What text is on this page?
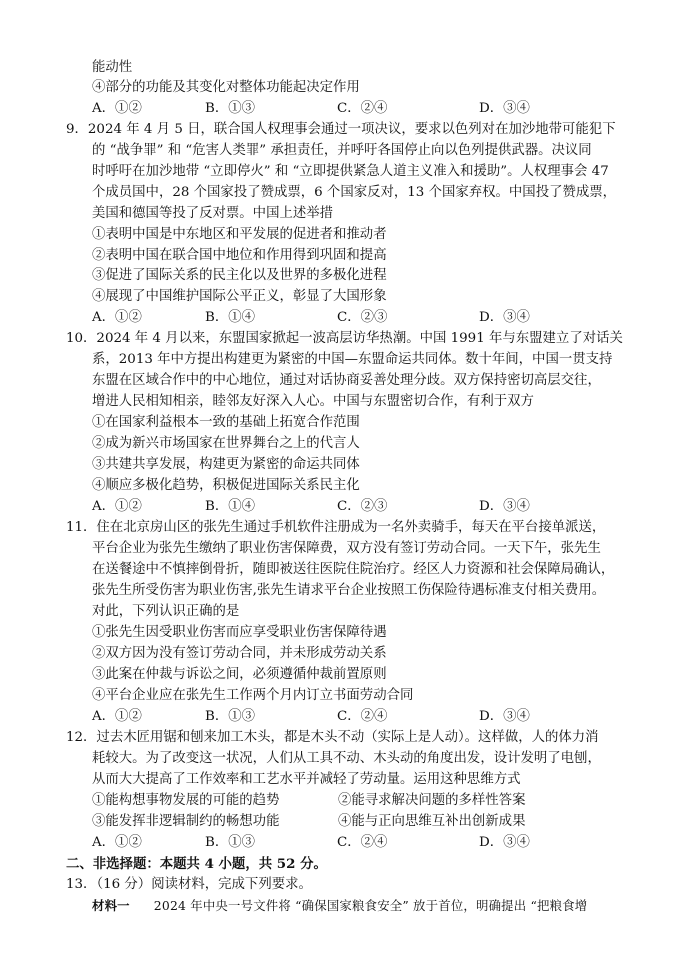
能动性
④部分的功能及其变化对整体功能起决定作用
A．①②	B．①③	C．②④	D．③④
9．2024 年 4 月 5 日，联合国人权理事会通过一项决议，要求以色列对在加沙地带可能犯下
的 “战争罪” 和 “危害人类罪” 承担责任，并呼吁各国停止向以色列提供武器。决议同
时呼吁在加沙地带 “立即停火” 和 “立即提供紧急人道主义准入和援助”。人权理事会 47
个成员国中，28 个国家投了赞成票，6 个国家反对，13 个国家弃权。中国投了赞成票，
美国和德国等投了反对票。中国上述举措
①表明中国是中东地区和平发展的促进者和推动者
②表明中国在联合国中地位和作用得到巩固和提高
③促进了国际关系的民主化以及世界的多极化进程
④展现了中国维护国际公平正义，彰显了大国形象
A．①②	B．①④	C．②③	D．③④
10．2024 年 4 月以来，东盟国家掀起一波高层访华热潮。中国 1991 年与东盟建立了对话关
系，2013 年中方提出构建更为紧密的中国—东盟命运共同体。数十年间，中国一贯支持
东盟在区域合作中的中心地位，通过对话协商妥善处理分歧。双方保持密切高层交往，
增进人民相知相亲，睦邻友好深入人心。中国与东盟密切合作，有利于双方
①在国家利益根本一致的基础上拓宽合作范围
②成为新兴市场国家在世界舞台之上的代言人
③共建共享发展，构建更为紧密的命运共同体
④顺应多极化趋势，积极促进国际关系民主化
A．①②	B．①④	C．②③	D．③④
11．住在北京房山区的张先生通过手机软件注册成为一名外卖骑手，每天在平台接单派送，
平台企业为张先生缴纳了职业伤害保障费，双方没有签订劳动合同。一天下午，张先生
在送餐途中不慎摔倒骨折，随即被送往医院住院治疗。经区人力资源和社会保障局确认，
张先生所受伤害为职业伤害,张先生请求平台企业按照工伤保险待遇标准支付相关费用。
对此，下列认识正确的是
①张先生因受职业伤害而应享受职业伤害保障待遇
②双方因为没有签订劳动合同，并未形成劳动关系
③此案在仲裁与诉讼之间，必须遵循仲裁前置原则
④平台企业应在张先生工作两个月内订立书面劳动合同
A．①②	B．①③	C．②④	D．③④
12．过去木匠用锯和刨来加工木头，都是木头不动（实际上是人动）。这样做，人的体力消
耗较大。为了改变这一状况，人们从工具不动、木头动的角度出发，设计发明了电刨，
从而大大提高了工作效率和工艺水平并减轻了劳动量。运用这种思维方式
①能构想事物发展的可能的趋势	②能寻求解决问题的多样性答案
③能发挥非逻辑制约的畅想功能	④能与正向思维互补出创新成果
A．①②	B．①③	C．②④	D．③④
二、非选择题：本题共 4 小题，共 52 分。
13．（16 分）阅读材料，完成下列要求。
材料一 2024 年中央一号文件将 “确保国家粮食安全” 放于首位，明确提出 “把粮食增
